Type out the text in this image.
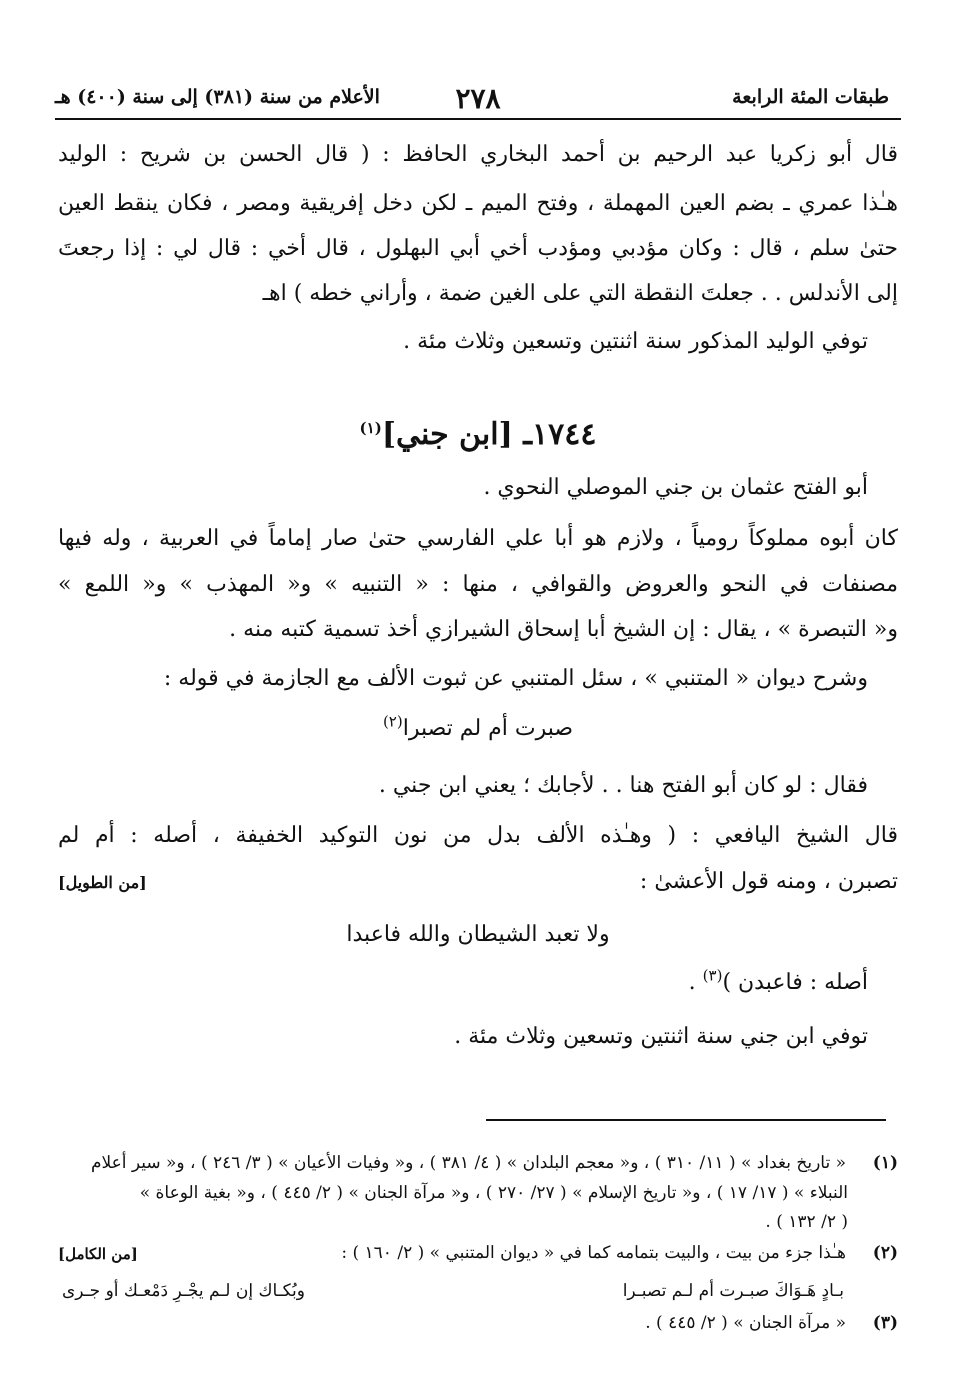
طبقات المئة الرابعة
٢٧٨
الأعلام من سنة (٣٨١) إلى سنة (٤٠٠) هـ
قال أبو زكريا عبد الرحيم بن أحمد البخاري الحافظ : ( قال الحسن بن شريح : الوليد
هـٰذا عمري ـ بضم العين المهملة ، وفتح الميم ـ لكن دخل إفريقية ومصر ، فكان ينقط العين
حتىٰ سلم ، قال : وكان مؤدبي ومؤدب أخي أبي البهلول ، قال أخي : قال لي : إذا رجعتَ
إلى الأندلس . . جعلتَ النقطة التي على الغين ضمة ، وأراني خطه ) اهـ
توفي الوليد المذكور سنة اثنتين وتسعين وثلاث مئة .
١٧٤٤ـ [ابن جني]$^{(١)}$
أبو الفتح عثمان بن جني الموصلي النحوي .
كان أبوه مملوكاً رومياً ، ولازم هو أبا علي الفارسي حتىٰ صار إماماً في العربية ، وله فيها
مصنفات في النحو والعروض والقوافي ، منها : « التنبيه » و« المهذب » و« اللمع »
و« التبصرة » ، يقال : إن الشيخ أبا إسحاق الشيرازي أخذ تسمية كتبه منه .
وشرح ديوان « المتنبي » ، سئل المتنبي عن ثبوت الألف مع الجازمة في قوله :
صبرت أم لم تصبرا$^{(٢)}$
فقال : لو كان أبو الفتح هنا . . لأجابك ؛ يعني ابن جني .
قال الشيخ اليافعي : ( وهـٰذه الألف بدل من نون التوكيد الخفيفة ، أصله : أم لم
تصبرن ، ومنه قول الأعشىٰ :
[من الطويل]
ولا تعبد الشيطان والله فاعبدا
أصله : فاعبدن )$^{(٣)}$ .
توفي ابن جني سنة اثنتين وتسعين وثلاث مئة .
(١)
« تاريخ بغداد » ( ١١/ ٣١٠ ) ، و« معجم البلدان » ( ٤/ ٣٨١ ) ، و« وفيات الأعيان » ( ٣/ ٢٤٦ ) ، و« سير أعلام
النبلاء » ( ١٧/ ١٧ ) ، و« تاريخ الإسلام » ( ٢٧/ ٢٧٠ ) ، و« مرآة الجنان » ( ٢/ ٤٤٥ ) ، و« بغية الوعاة »
( ٢/ ١٣٢ ) .
(٢)
هـٰذا جزء من بيت ، والبيت بتمامه كما في « ديوان المتنبي » ( ٢/ ١٦٠ ) :
[من الكامل]
بـادٍ هَـوَاكَ صبـرت أم لـم تصبـرا
وبُكـاك إن لـم يجْـرِ دَمْعـك أو جـرى
(٣)
« مرآة الجنان » ( ٢/ ٤٤٥ ) .
